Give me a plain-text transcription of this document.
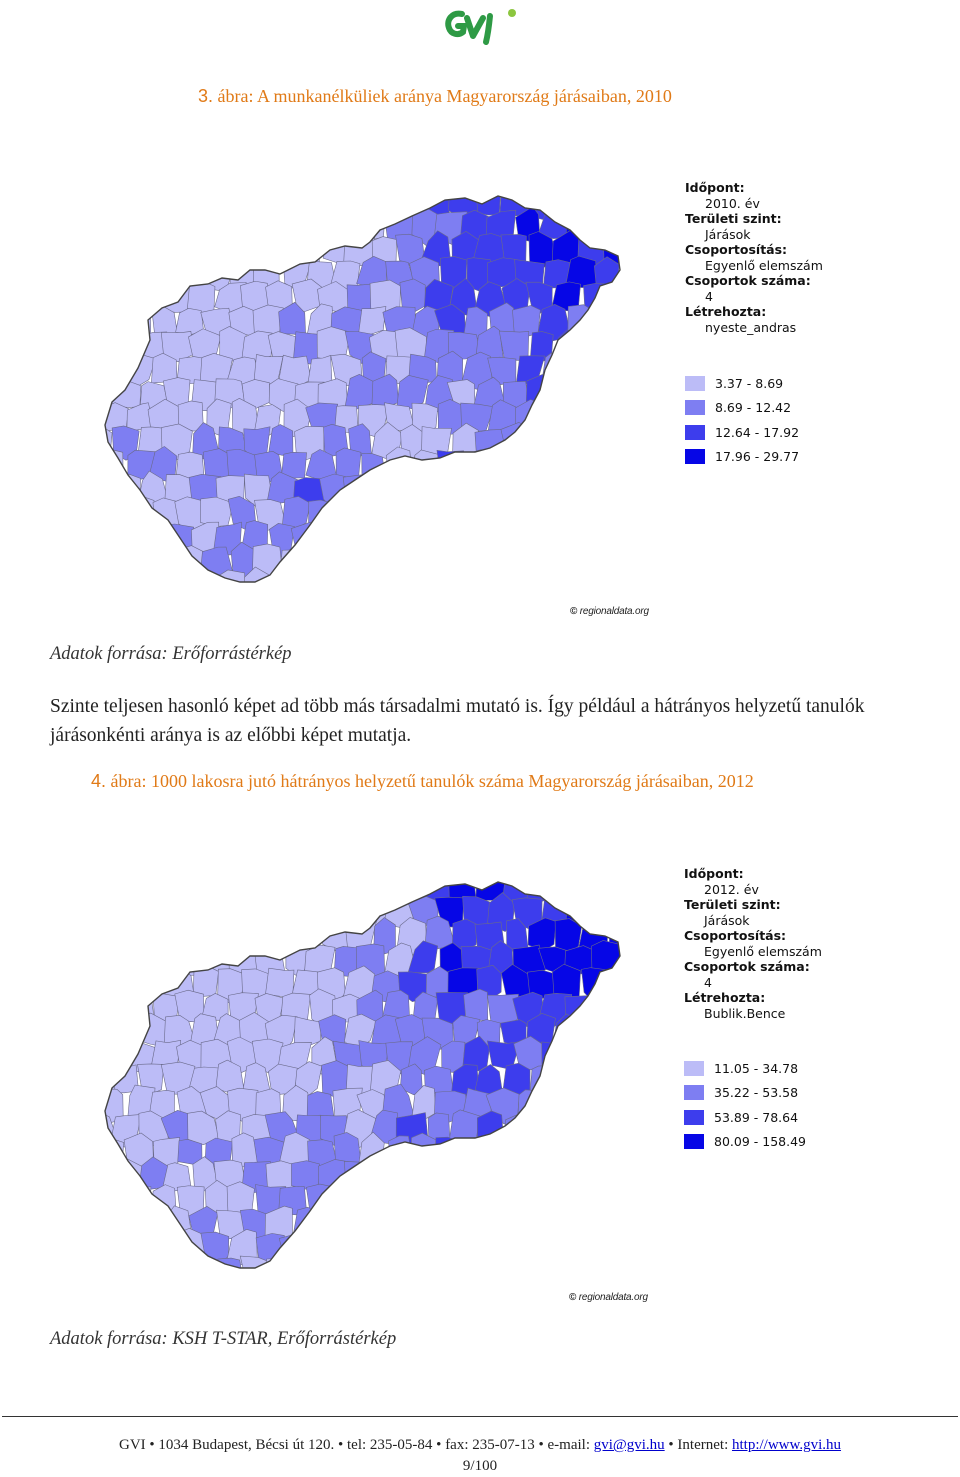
3. ábra: A munkanélküliek aránya Magyarország járásaiban, 2010
Időpont:
2010. év
Területi szint:
Járások
Csoportosítás:
Egyenlő elemszám
Csoportok száma:
4
Létrehozta:
nyeste_andras
3.37 - 8.69
8.69 - 12.42
12.64 - 17.92
17.96 - 29.77
© regionaldata.org
Adatok forrása: Erőforrástérkép
Szinte teljesen hasonló képet ad több más társadalmi mutató is. Így például a hátrányos helyzetű tanulók járásonkénti aránya is az előbbi képet mutatja.
4. ábra: 1000 lakosra jutó hátrányos helyzetű tanulók száma Magyarország járásaiban, 2012
Időpont:
2012. év
Területi szint:
Járások
Csoportosítás:
Egyenlő elemszám
Csoportok száma:
4
Létrehozta:
Bublik.Bence
11.05 - 34.78
35.22 - 53.58
53.89 - 78.64
80.09 - 158.49
© regionaldata.org
Adatok forrása: KSH T-STAR, Erőforrástérkép
GVI • 1034 Budapest, Bécsi út 120. • tel: 235-05-84 • fax: 235-07-13 • e-mail: gvi@gvi.hu • Internet: http://www.gvi.hu
9/100
